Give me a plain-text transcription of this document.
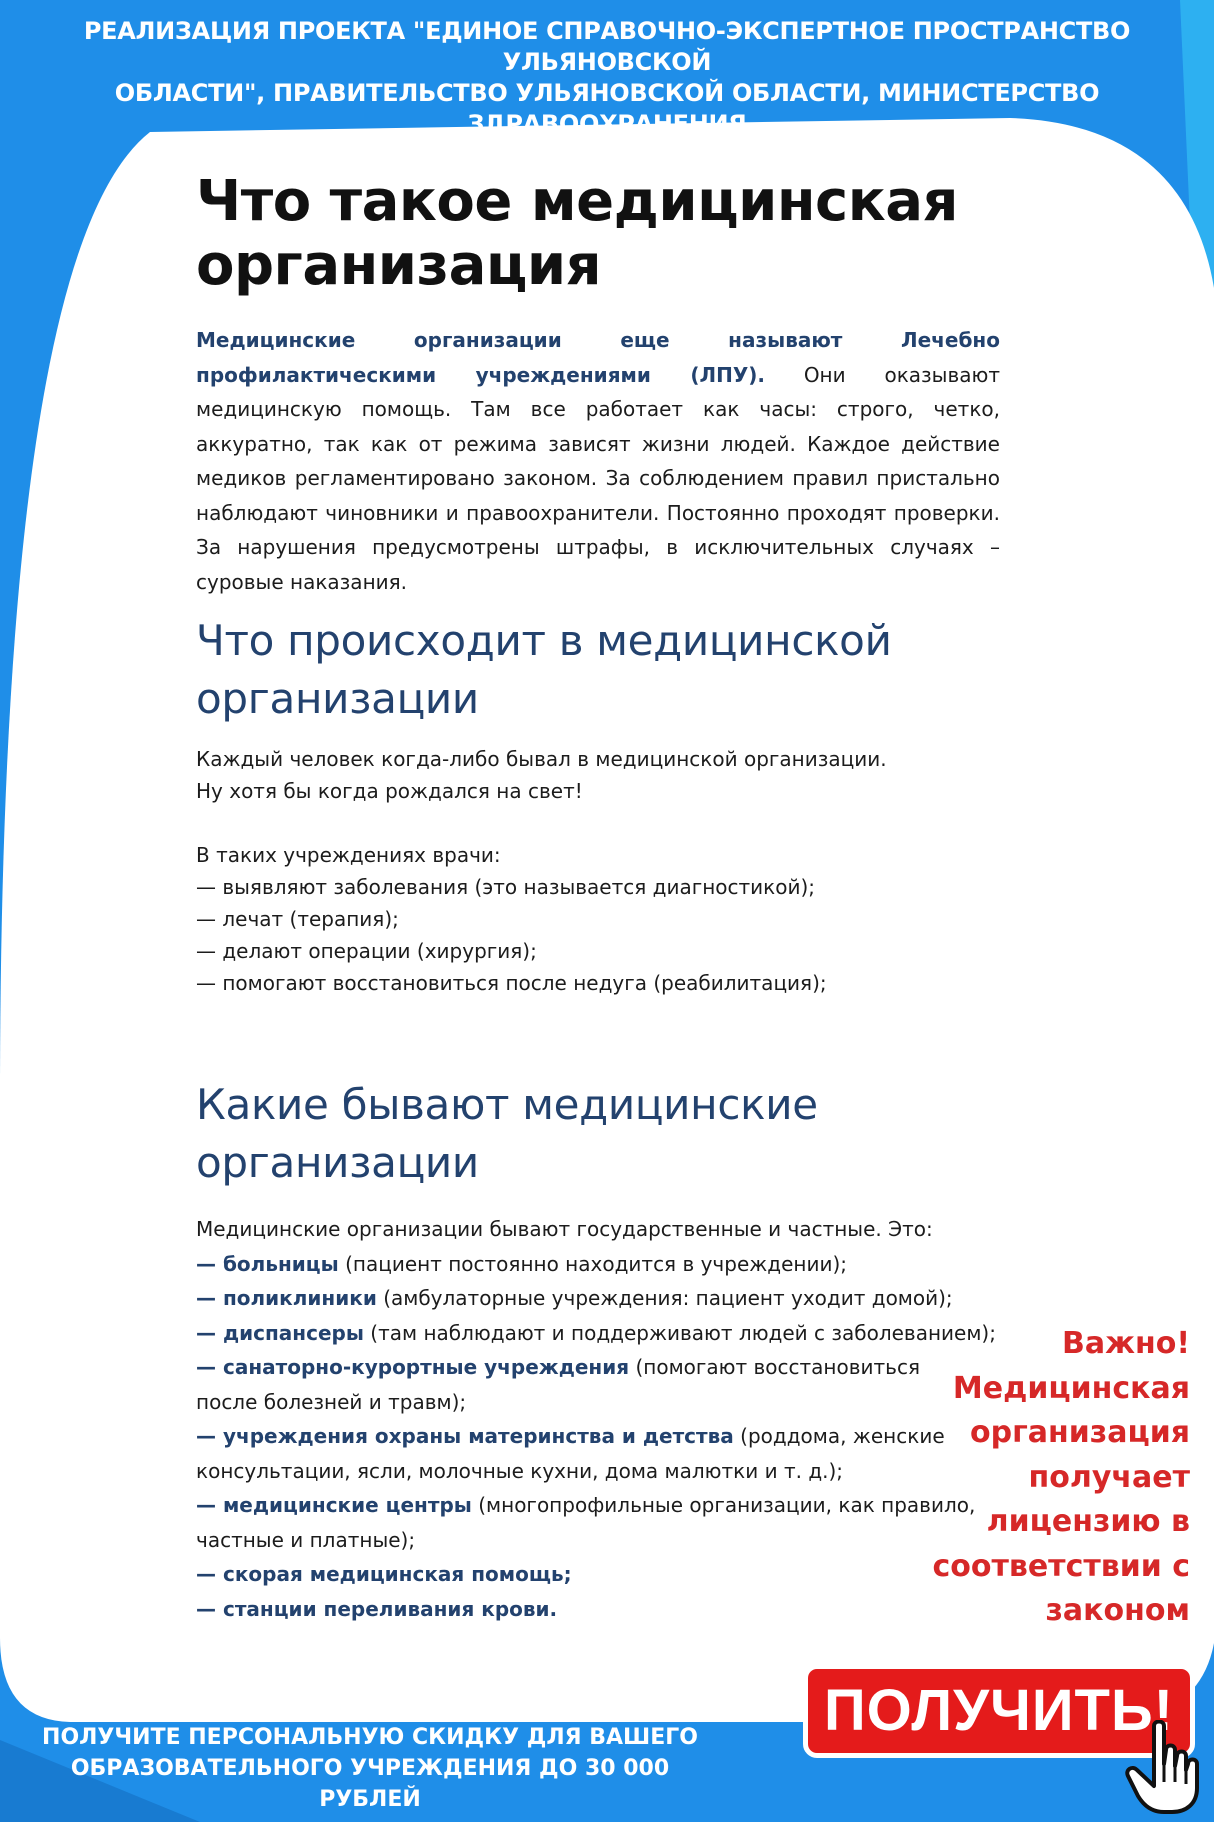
РЕАЛИЗАЦИЯ ПРОЕКТА "ЕДИНОЕ СПРАВОЧНО-ЭКСПЕРТНОЕ ПРОСТРАНСТВО УЛЬЯНОВСКОЙ
ОБЛАСТИ", ПРАВИТЕЛЬСТВО УЛЬЯНОВСКОЙ ОБЛАСТИ, МИНИСТЕРСТВО ЗДРАВООХРАНЕНИЯ
УЛЬЯНОВСКОЙ ОБЛАСТИ
Что такое медицинская
организация

Медицинские организации еще называют Лечебно профилактическими учреждениями (ЛПУ). Они оказывают медицинскую помощь. Там все работает как часы: строго, четко, аккуратно, так как от режима зависят жизни людей. Каждое действие медиков регламентировано законом. За соблюдением правил пристально наблюдают чиновники и правоохранители. Постоянно проходят проверки. За нарушения предусмотрены штрафы, в исключительных случаях – суровые наказания.

Что происходит в медицинской
организации
Каждый человек когда-либо бывал в медицинской организации.
Ну хотя бы когда рождался на свет!
В таких учреждениях врачи:
— выявляют заболевания (это называется диагностикой);
— лечат (терапия);
— делают операции (хирургия);
— помогают восстановиться после недуга (реабилитация);
Какие бывают медицинские
организации
Медицинские организации бывают государственные и частные. Это:
— больницы (пациент постоянно находится в учреждении);
— поликлиники (амбулаторные учреждения: пациент уходит домой);
— диспансеры (там наблюдают и поддерживают людей с заболеванием);
— санаторно-курортные учреждения (помогают восстановиться
после болезней и травм);
— учреждения охраны материнства и детства (роддома, женские
консультации, ясли, молочные кухни, дома малютки и т. д.);
— медицинские центры (многопрофильные организации, как правило,
частные и платные);
— скорая медицинская помощь;
— станции переливания крови.
Важно!
Медицинская
организация
получает
лицензию в
соответствии с
законом
ПОЛУЧИТЕ ПЕРСОНАЛЬНУЮ СКИДКУ ДЛЯ ВАШЕГО
ОБРАЗОВАТЕЛЬНОГО УЧРЕЖДЕНИЯ ДО 30 000 РУБЛЕЙ
ПОЛУЧИТЬ!
